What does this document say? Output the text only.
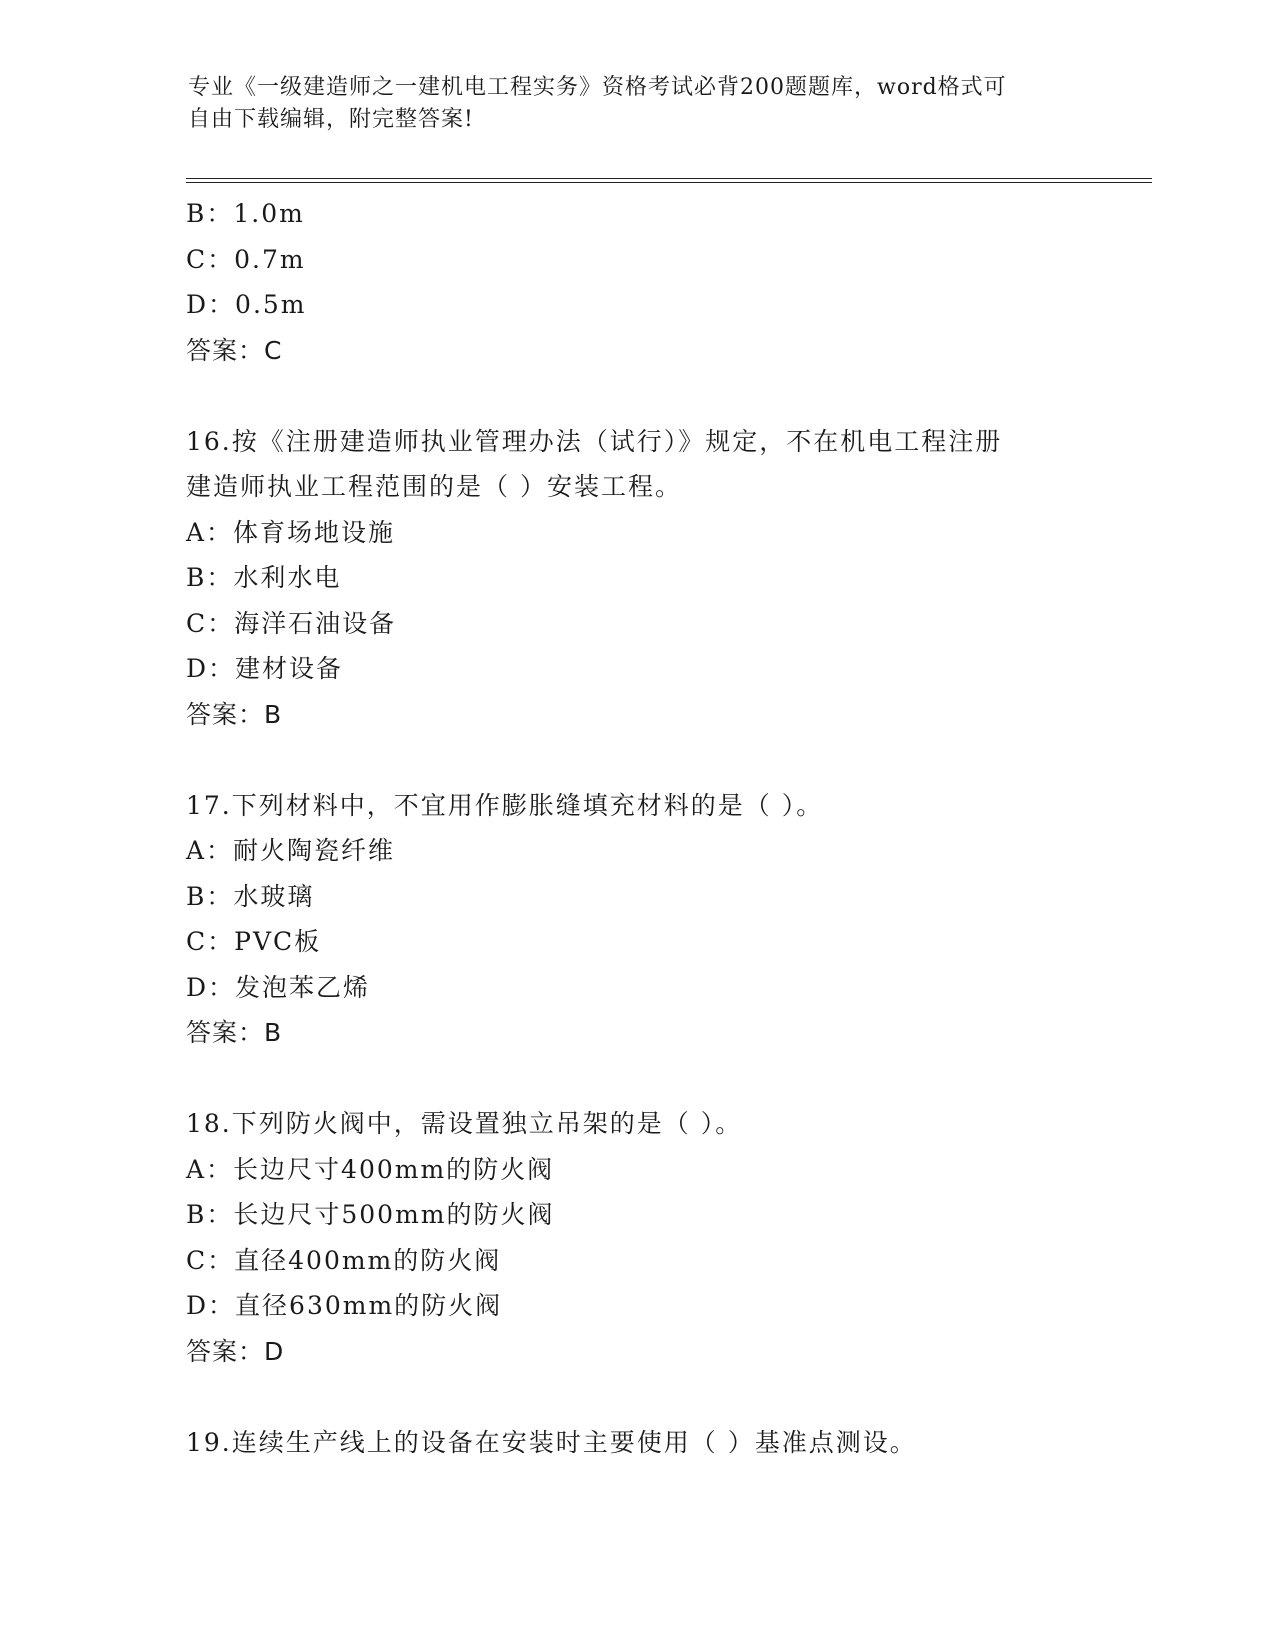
专业《一级建造师之一建机电工程实务》资格考试必背200题题库，word格式可
自由下载编辑，附完整答案!
B：1.0m
C：0.7m
D：0.5m
答案：C
16.按《注册建造师执业管理办法（试行）》规定，不在机电工程注册
建造师执业工程范围的是（ ）安装工程。
A：体育场地设施
B：水利水电
C：海洋石油设备
D：建材设备
答案：B
17.下列材料中，不宜用作膨胀缝填充材料的是（ ）。
A：耐火陶瓷纤维
B：水玻璃
C：PVC板
D：发泡苯乙烯
答案：B
18.下列防火阀中，需设置独立吊架的是（ ）。
A：长边尺寸400mm的防火阀
B：长边尺寸500mm的防火阀
C：直径400mm的防火阀
D：直径630mm的防火阀
答案：D
19.连续生产线上的设备在安装时主要使用（ ）基准点测设。
